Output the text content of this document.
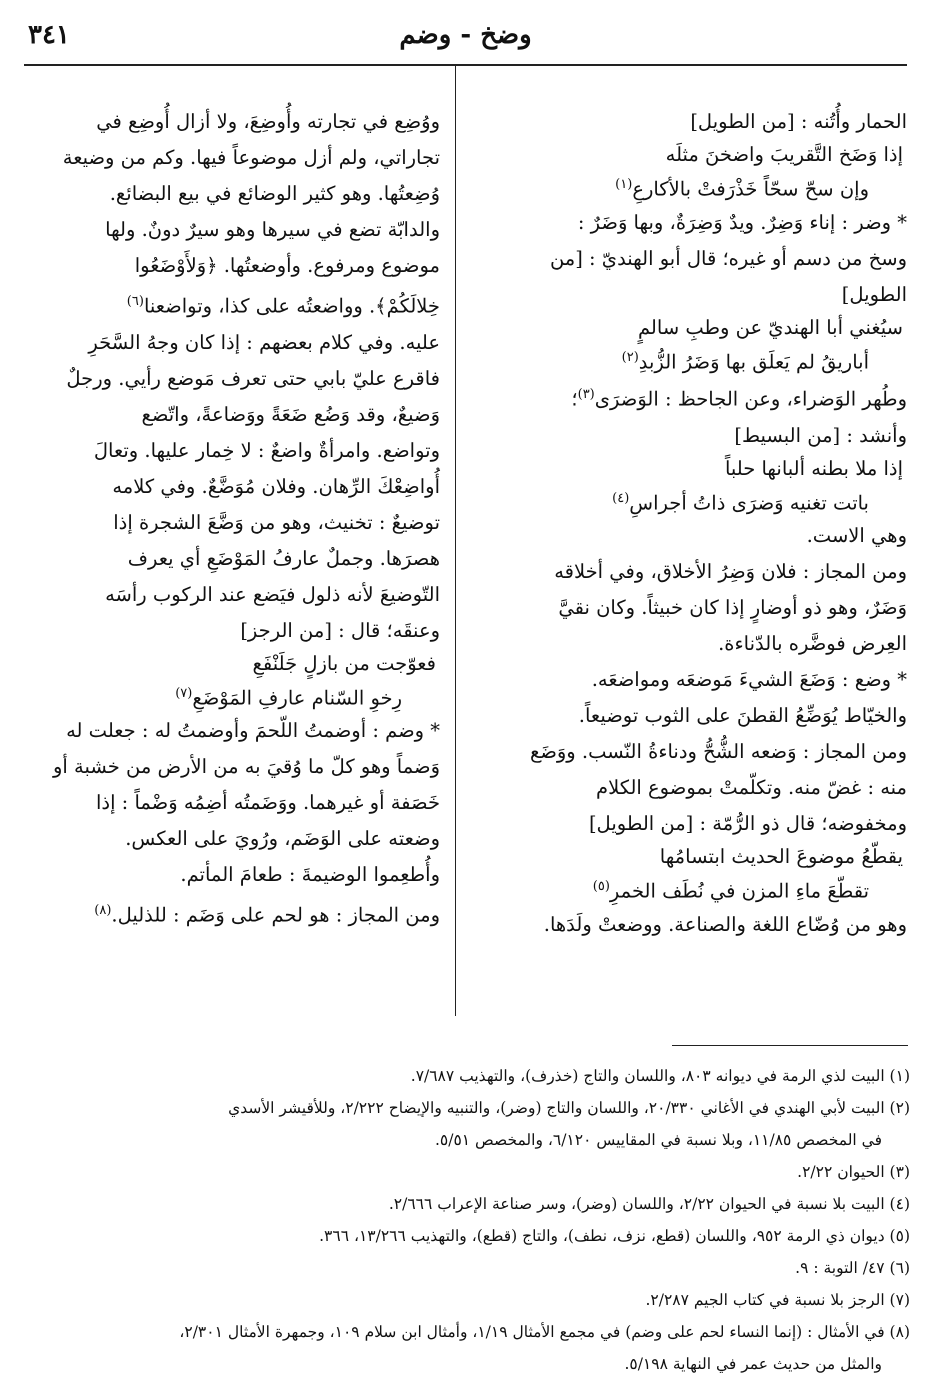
وضخ - وضم
٣٤١

الحمار وأُتُنه : [من الطويل]

إذا وَضَخ التَّقريبَ واضخنَ مثلَه
وإن سحّ سحّاً خَذْرَفتْ بالأكارعِ$^{(١)}$

* وضر : إناء وَضِرٌ. ويدٌ وَضِرَةٌ، وبها وَضَرٌ :

وسخ من دسم أو غيره؛ قال أبو الهنديّ : [من

الطويل]

سيُغني أبا الهنديّ عن وطبِ سالمٍ
أباريقُ لم يَعلَق بها وَضَرُ الزُّبدِ$^{(٢)}$

وطُهر الوَضراء، وعن الجاحظ : الوَضرَى$^{(٣)}$؛

وأنشد : [من البسيط]

إذا ملا بطنه ألبانها حلباً
باتت تغنيه وَضرَى ذاتُ أجراسِ$^{(٤)}$

وهي الاست.

ومن المجاز : فلان وَضِرُ الأخلاق، وفي أخلاقه

وَضَرٌ، وهو ذو أوضارٍ إذا كان خبيثاً. وكان نقيَّ

العِرض فوضَّره بالدّناءة.

* وضع : وَضَعَ الشيءَ مَوضعَه ومواضعَه.

والخيّاط يُوَضِّعُ القطنَ على الثوب توضيعاً.

ومن المجاز : وَضعه الشُّحُّ ودناءةُ النّسب. ووَضَع

منه : غضّ منه. وتكلّمتْ بموضوع الكلام

ومخفوضه؛ قال ذو الرُّمّة : [من الطويل]

يقطّعُ موضوعَ الحديث ابتسامُها
تقطّعَ ماءِ المزن في نُطَف الخمرِ$^{(٥)}$

وهو من وُضّاع اللغة والصناعة. ووضعتْ ولَدَها.

ووُضِع في تجارته وأُوضِعَ، ولا أزال أُوضِع في

تجاراتي، ولم أزل موضوعاً فيها. وكم من وضيعة

وُضِعتُها. وهو كثير الوضائع في بيع البضائع.

والدابّة تضع في سيرها وهو سيرٌ دونٌ. ولها

موضوع ومرفوع. وأوضعتُها. ﴿وَلأَوْضَعُوا

خِلالَكُمْ﴾. وواضعتُه على كذا، وتواضعنا$^{(٦)}$

عليه. وفي كلام بعضهم : إذا كان وجهُ السَّحَرِ

فاقرع عليّ بابي حتى تعرف مَوضع رأيي. ورجلٌ

وَضيعٌ، وقد وَضُع ضَعَةً ووَضاعةً، واتّضع

وتواضع. وامرأةٌ واضعٌ : لا خِمار عليها. وتعالَ

أُواضِعْكَ الرِّهان. وفلان مُوَضَّعٌ. وفي كلامه

توضيعٌ : تخنيث، وهو من وَضَّعَ الشجرة إذا

هصرَها. وجملٌ عارفُ المَوْضَعِ أي يعرف

التّوضيعَ لأنه ذلول فيَضع عند الركوب رأسَه

وعنقَه؛ قال : [من الرجز]

فعوّجت من بازلٍ جَلَنْفَعِ
رِخوِ السّنام عارفِ المَوْضَعِ$^{(٧)}$

* وضم : أوضمتُ اللّحمَ وأوضمتُ له : جعلت له

وَضماً وهو كلّ ما وُقيَ به من الأرض من خشبة أو

خَصَفة أو غيرهما. ووَضَمتُه أضِمُه وَضْماً : إذا

وضعته على الوَضَم، ورُويَ على العكس.

وأُطعِموا الوضيمةَ : طعامَ المأتم.

ومن المجاز : هو لحم على وَضَم : للذليل.$^{(٨)}$

(١) البيت لذي الرمة في ديوانه ٨٠٣، واللسان والتاج (خذرف)، والتهذيب ٧/٦٨٧.

(٢) البيت لأبي الهندي في الأغاني ٢٠/٣٣٠، واللسان والتاج (وضر)، والتنبيه والإيضاح ٢/٢٢٢، وللأقيشر الأسدي

في المخصص ١١/٨٥، وبلا نسبة في المقاييس ٦/١٢٠، والمخصص ٥/٥١.

(٣) الحيوان ٢/٢٢.

(٤) البيت بلا نسبة في الحيوان ٢/٢٢، واللسان (وضر)، وسر صناعة الإعراب ٢/٦٦٦.

(٥) ديوان ذي الرمة ٩٥٢، واللسان (قطع، نزف، نطف)، والتاج (قطع)، والتهذيب ١٣/٢٦٦، ٣٦٦.

(٦) ٤٧/ التوبة : ٩.

(٧) الرجز بلا نسبة في كتاب الجيم ٢/٢٨٧.

(٨) في الأمثال : (إنما النساء لحم على وضم) في مجمع الأمثال ١/١٩، وأمثال ابن سلام ١٠٩، وجمهرة الأمثال ٢/٣٠١،

والمثل من حديث عمر في النهاية ٥/١٩٨.
